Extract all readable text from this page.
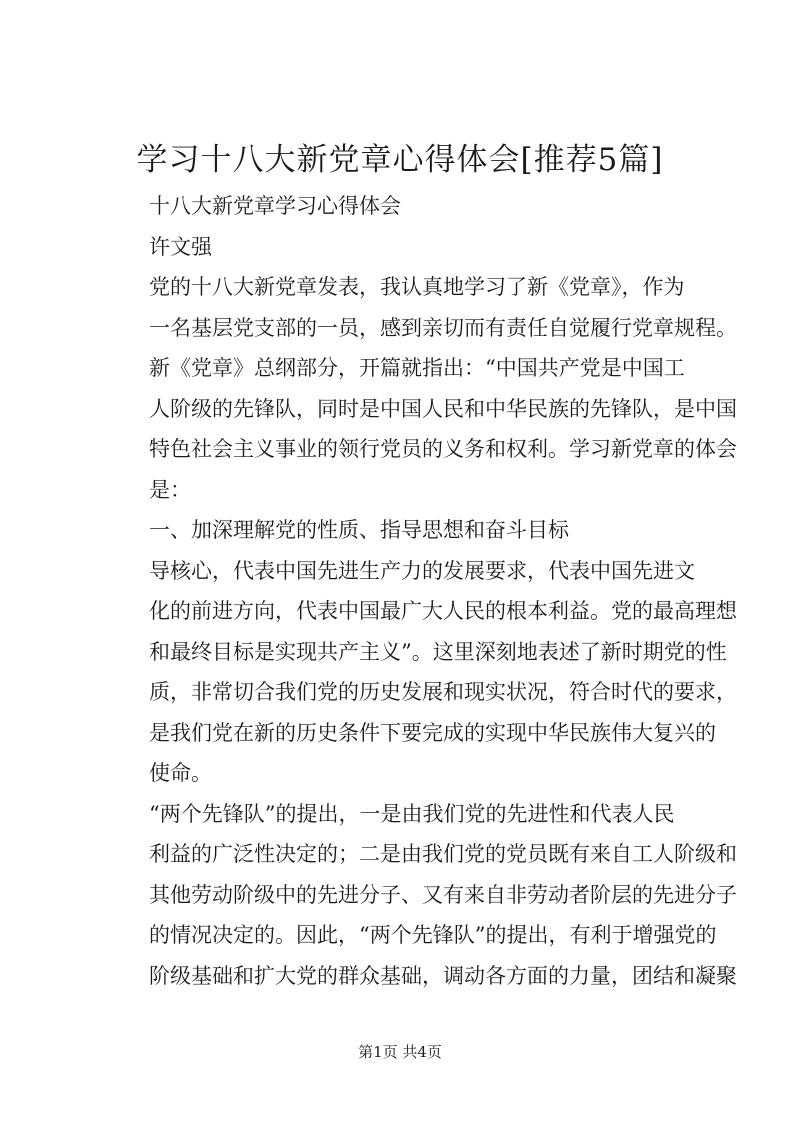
学习十八大新党章心得体会[推荐5篇]

十八大新党章学习心得体会

许文强

党的十八大新党章发表，我认真地学习了新《党章》，作为
一名基层党支部的一员，感到亲切而有责任自觉履行党章规程。

新《党章》总纲部分，开篇就指出：“中国共产党是中国工
人阶级的先锋队，同时是中国人民和中华民族的先锋队，是中国
特色社会主义事业的领行党员的义务和权利。学习新党章的体会
是：

一、加深理解党的性质、指导思想和奋斗目标

导核心，代表中国先进生产力的发展要求，代表中国先进文
化的前进方向，代表中国最广大人民的根本利益。党的最高理想
和最终目标是实现共产主义”。这里深刻地表述了新时期党的性
质，非常切合我们党的历史发展和现实状况，符合时代的要求，
是我们党在新的历史条件下要完成的实现中华民族伟大复兴的
使命。

“两个先锋队”的提出，一是由我们党的先进性和代表人民
利益的广泛性决定的；二是由我们党的党员既有来自工人阶级和
其他劳动阶级中的先进分子、又有来自非劳动者阶层的先进分子
的情况决定的。因此，“两个先锋队”的提出，有利于增强党的
阶级基础和扩大党的群众基础，调动各方面的力量，团结和凝聚

第1页 共4页
